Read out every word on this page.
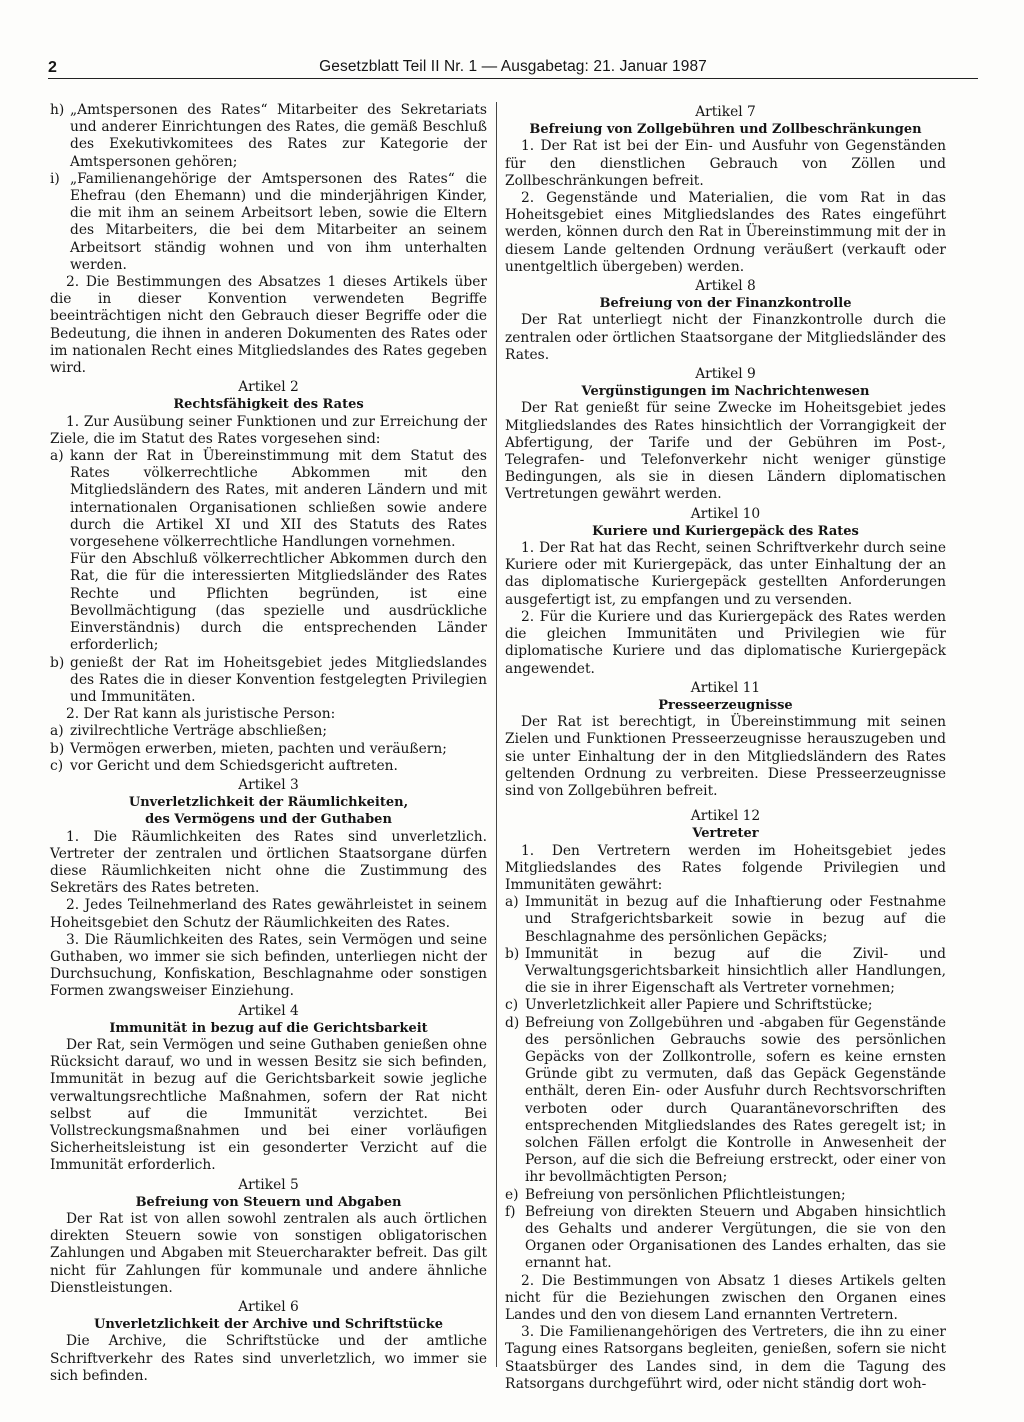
2	Gesetzblatt Teil II Nr. 1 — Ausgabetag: 21. Januar 1987

h) „Amtspersonen des Rates“ Mitarbeiter des Sekretariats und anderer Einrichtungen des Rates, die gemäß Beschluß des Exekutivkomitees des Rates zur Kategorie der Amtspersonen gehören;

i) „Familienangehörige der Amtspersonen des Rates“ die Ehefrau (den Ehemann) und die minderjährigen Kinder, die mit ihm an seinem Arbeitsort leben, sowie die Eltern des Mitarbeiters, die bei dem Mitarbeiter an seinem Arbeitsort ständig wohnen und von ihm unterhalten werden.

2. Die Bestimmungen des Absatzes 1 dieses Artikels über die in dieser Konvention verwendeten Begriffe beeinträchtigen nicht den Gebrauch dieser Begriffe oder die Bedeutung, die ihnen in anderen Dokumenten des Rates oder im nationalen Recht eines Mitgliedslandes des Rates gegeben wird.

Artikel 2

Rechtsfähigkeit des Rates

1. Zur Ausübung seiner Funktionen und zur Erreichung der Ziele, die im Statut des Rates vorgesehen sind:

a) kann der Rat in Übereinstimmung mit dem Statut des Rates völkerrechtliche Abkommen mit den Mitgliedsländern des Rates, mit anderen Ländern und mit internationalen Organisationen schließen sowie andere durch die Artikel XI und XII des Statuts des Rates vorgesehene völkerrechtliche Handlungen vornehmen.

Für den Abschluß völkerrechtlicher Abkommen durch den Rat, die für die interessierten Mitgliedsländer des Rates Rechte und Pflichten begründen, ist eine Bevollmächtigung (das spezielle und ausdrückliche Einverständnis) durch die entsprechenden Länder erforderlich;

b) genießt der Rat im Hoheitsgebiet jedes Mitgliedslandes des Rates die in dieser Konvention festgelegten Privilegien und Immunitäten.

2. Der Rat kann als juristische Person:

a) zivilrechtliche Verträge abschließen;

b) Vermögen erwerben, mieten, pachten und veräußern;

c) vor Gericht und dem Schiedsgericht auftreten.

Artikel 3

Unverletzlichkeit der Räumlichkeiten,

des Vermögens und der Guthaben

1. Die Räumlichkeiten des Rates sind unverletzlich. Vertreter der zentralen und örtlichen Staatsorgane dürfen diese Räumlichkeiten nicht ohne die Zustimmung des Sekretärs des Rates betreten.

2. Jedes Teilnehmerland des Rates gewährleistet in seinem Hoheitsgebiet den Schutz der Räumlichkeiten des Rates.

3. Die Räumlichkeiten des Rates, sein Vermögen und seine Guthaben, wo immer sie sich befinden, unterliegen nicht der Durchsuchung, Konfiskation, Beschlagnahme oder sonstigen Formen zwangsweiser Einziehung.

Artikel 4

Immunität in bezug auf die Gerichtsbarkeit

Der Rat, sein Vermögen und seine Guthaben genießen ohne Rücksicht darauf, wo und in wessen Besitz sie sich befinden, Immunität in bezug auf die Gerichtsbarkeit sowie jegliche verwaltungsrechtliche Maßnahmen, sofern der Rat nicht selbst auf die Immunität verzichtet. Bei Vollstreckungsmaßnahmen und bei einer vorläufigen Sicherheitsleistung ist ein gesonderter Verzicht auf die Immunität erforderlich.

Artikel 5

Befreiung von Steuern und Abgaben

Der Rat ist von allen sowohl zentralen als auch örtlichen direkten Steuern sowie von sonstigen obligatorischen Zahlungen und Abgaben mit Steuercharakter befreit. Das gilt nicht für Zahlungen für kommunale und andere ähnliche Dienstleistungen.

Artikel 6

Unverletzlichkeit der Archive und Schriftstücke

Die Archive, die Schriftstücke und der amtliche Schriftverkehr des Rates sind unverletzlich, wo immer sie sich befinden.

Artikel 7

Befreiung von Zollgebühren und Zollbeschränkungen

1. Der Rat ist bei der Ein- und Ausfuhr von Gegenständen für den dienstlichen Gebrauch von Zöllen und Zollbeschränkungen befreit.

2. Gegenstände und Materialien, die vom Rat in das Hoheitsgebiet eines Mitgliedslandes des Rates eingeführt werden, können durch den Rat in Übereinstimmung mit der in diesem Lande geltenden Ordnung veräußert (verkauft oder unentgeltlich übergeben) werden.

Artikel 8

Befreiung von der Finanzkontrolle

Der Rat unterliegt nicht der Finanzkontrolle durch die zentralen oder örtlichen Staatsorgane der Mitgliedsländer des Rates.

Artikel 9

Vergünstigungen im Nachrichtenwesen

Der Rat genießt für seine Zwecke im Hoheitsgebiet jedes Mitgliedslandes des Rates hinsichtlich der Vorrangigkeit der Abfertigung, der Tarife und der Gebühren im Post-, Telegrafen- und Telefonverkehr nicht weniger günstige Bedingungen, als sie in diesen Ländern diplomatischen Vertretungen gewährt werden.

Artikel 10

Kuriere und Kuriergepäck des Rates

1. Der Rat hat das Recht, seinen Schriftverkehr durch seine Kuriere oder mit Kuriergepäck, das unter Einhaltung der an das diplomatische Kuriergepäck gestellten Anforderungen ausgefertigt ist, zu empfangen und zu versenden.

2. Für die Kuriere und das Kuriergepäck des Rates werden die gleichen Immunitäten und Privilegien wie für diplomatische Kuriere und das diplomatische Kuriergepäck angewendet.

Artikel 11

Presseerzeugnisse

Der Rat ist berechtigt, in Übereinstimmung mit seinen Zielen und Funktionen Presseerzeugnisse herauszugeben und sie unter Einhaltung der in den Mitgliedsländern des Rates geltenden Ordnung zu verbreiten. Diese Presseerzeugnisse sind von Zollgebühren befreit.

Artikel 12

Vertreter

1. Den Vertretern werden im Hoheitsgebiet jedes Mitgliedslandes des Rates folgende Privilegien und Immunitäten gewährt:

a) Immunität in bezug auf die Inhaftierung oder Festnahme und Strafgerichtsbarkeit sowie in bezug auf die Beschlagnahme des persönlichen Gepäcks;

b) Immunität in bezug auf die Zivil- und Verwaltungsgerichtsbarkeit hinsichtlich aller Handlungen, die sie in ihrer Eigenschaft als Vertreter vornehmen;

c) Unverletzlichkeit aller Papiere und Schriftstücke;

d) Befreiung von Zollgebühren und -abgaben für Gegenstände des persönlichen Gebrauchs sowie des persönlichen Gepäcks von der Zollkontrolle, sofern es keine ernsten Gründe gibt zu vermuten, daß das Gepäck Gegenstände enthält, deren Ein- oder Ausfuhr durch Rechtsvorschriften verboten oder durch Quarantänevorschriften des entsprechenden Mitgliedslandes des Rates geregelt ist; in solchen Fällen erfolgt die Kontrolle in Anwesenheit der Person, auf die sich die Befreiung erstreckt, oder einer von ihr bevollmächtigten Person;

e) Befreiung von persönlichen Pflichtleistungen;

f) Befreiung von direkten Steuern und Abgaben hinsichtlich des Gehalts und anderer Vergütungen, die sie von den Organen oder Organisationen des Landes erhalten, das sie ernannt hat.

2. Die Bestimmungen von Absatz 1 dieses Artikels gelten nicht für die Beziehungen zwischen den Organen eines Landes und den von diesem Land ernannten Vertretern.

3. Die Familienangehörigen des Vertreters, die ihn zu einer Tagung eines Ratsorgans begleiten, genießen, sofern sie nicht Staatsbürger des Landes sind, in dem die Tagung des Ratsorgans durchgeführt wird, oder nicht ständig dort woh-
